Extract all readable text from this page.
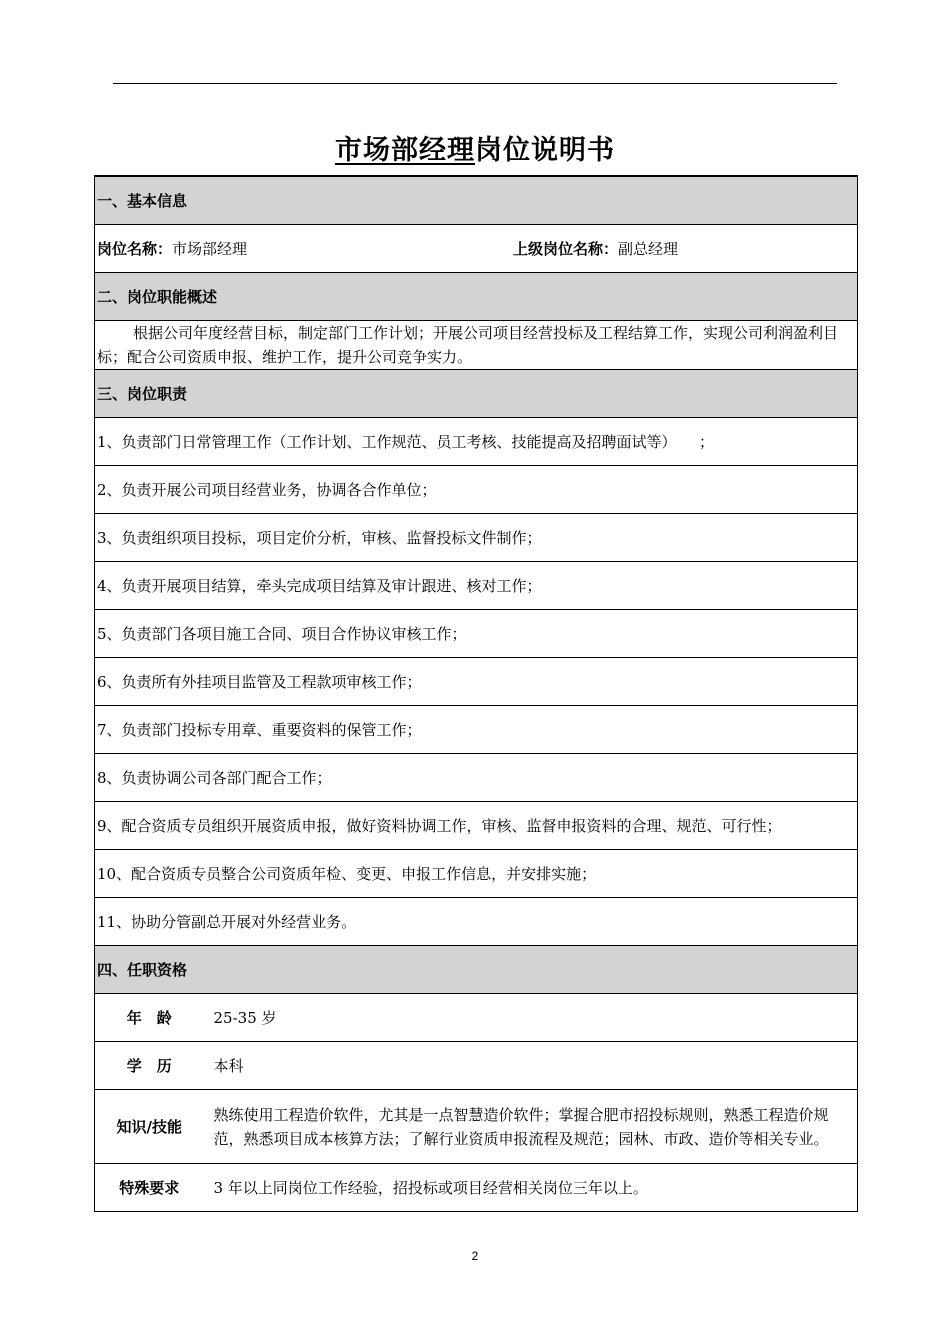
市场部经理岗位说明书
一、基本信息	
岗位名称：市场部经理 上级岗位名称：副总经理	
二、岗位职能概述	
根据公司年度经营目标，制定部门工作计划；开展公司项目经营投标及工程结算工作，实现公司利润盈利目标；配合公司资质申报、维护工作，提升公司竞争实力。	
三、岗位职责	
1、负责部门日常管理工作（工作计划、工作规范、员工考核、技能提高及招聘面试等）　　；	
2、负责开展公司项目经营业务，协调各合作单位；	
3、负责组织项目投标，项目定价分析，审核、监督投标文件制作；	
4、负责开展项目结算，牵头完成项目结算及审计跟进、核对工作；	
5、负责部门各项目施工合同、项目合作协议审核工作；	
6、负责所有外挂项目监管及工程款项审核工作；	
7、负责部门投标专用章、重要资料的保管工作；	
8、负责协调公司各部门配合工作；	
9、配合资质专员组织开展资质申报，做好资料协调工作，审核、监督申报资料的合理、规范、可行性；	
10、配合资质专员整合公司资质年检、变更、申报工作信息，并安排实施；	
11、协助分管副总开展对外经营业务。	
四、任职资格	
年　龄	25-35 岁
学　历	本科
知识/技能	熟练使用工程造价软件，尤其是一点智慧造价软件；掌握合肥市招投标规则，熟悉工程造价规范，熟悉项目成本核算方法；了解行业资质申报流程及规范；园林、市政、造价等相关专业。
特殊要求	3 年以上同岗位工作经验，招投标或项目经营相关岗位三年以上。
2
